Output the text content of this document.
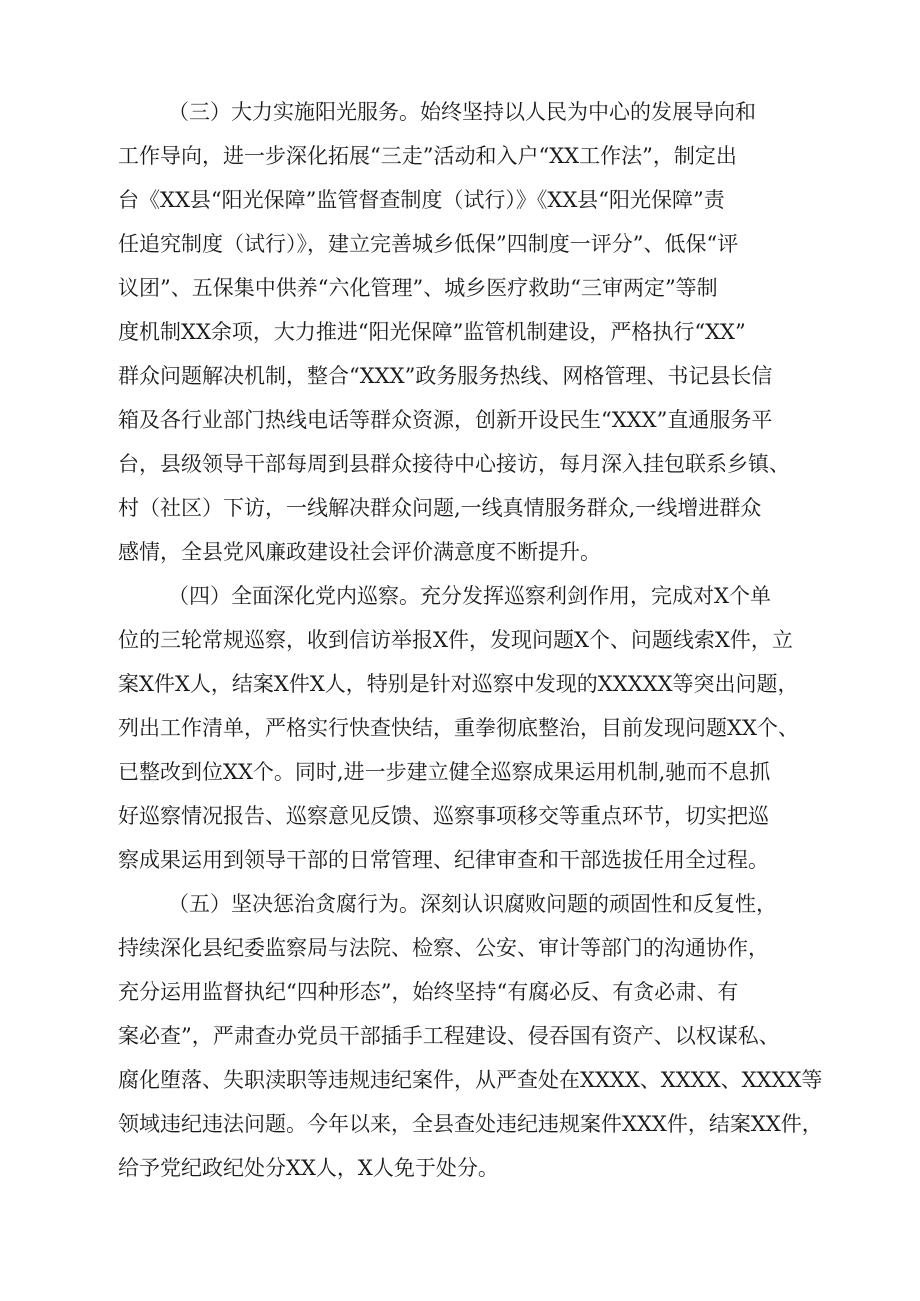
（三）大力实施阳光服务。始终坚持以人民为中心的发展导向和
工作导向，进一步深化拓展“三走”活动和入户“XX工作法”，制定出
台《XX县“阳光保障”监管督查制度（试行）》《XX县“阳光保障”责
任追究制度（试行）》，建立完善城乡低保”四制度一评分”、低保“评
议团”、五保集中供养“六化管理”、城乡医疗救助“三审两定”等制
度机制XX余项，大力推进“阳光保障”监管机制建设，严格执行“XX”
群众问题解决机制，整合“XXX”政务服务热线、网格管理、书记县长信
箱及各行业部门热线电话等群众资源，创新开设民生“XXX”直通服务平
台，县级领导干部每周到县群众接待中心接访，每月深入挂包联系乡镇、
村（社区）下访，一线解决群众问题,一线真情服务群众,一线增进群众
感情，全县党风廉政建设社会评价满意度不断提升。
（四）全面深化党内巡察。充分发挥巡察利剑作用，完成对X个单
位的三轮常规巡察，收到信访举报X件，发现问题X个、问题线索X件，立
案X件X人，结案X件X人，特别是针对巡察中发现的XXXXX等突出问题，
列出工作清单，严格实行快查快结，重拳彻底整治，目前发现问题XX个、
已整改到位XX个。同时,进一步建立健全巡察成果运用机制,驰而不息抓
好巡察情况报告、巡察意见反馈、巡察事项移交等重点环节，切实把巡
察成果运用到领导干部的日常管理、纪律审查和干部选拔任用全过程。
（五）坚决惩治贪腐行为。深刻认识腐败问题的顽固性和反复性，
持续深化县纪委监察局与法院、检察、公安、审计等部门的沟通协作，
充分运用监督执纪“四种形态”，始终坚持“有腐必反、有贪必肃、有
案必查”，严肃查办党员干部插手工程建设、侵吞国有资产、以权谋私、
腐化堕落、失职渎职等违规违纪案件，从严查处在XXXX、XXXX、XXXX等
领域违纪违法问题。今年以来，全县查处违纪违规案件XXX件，结案XX件，
给予党纪政纪处分XX人，X人免于处分。
